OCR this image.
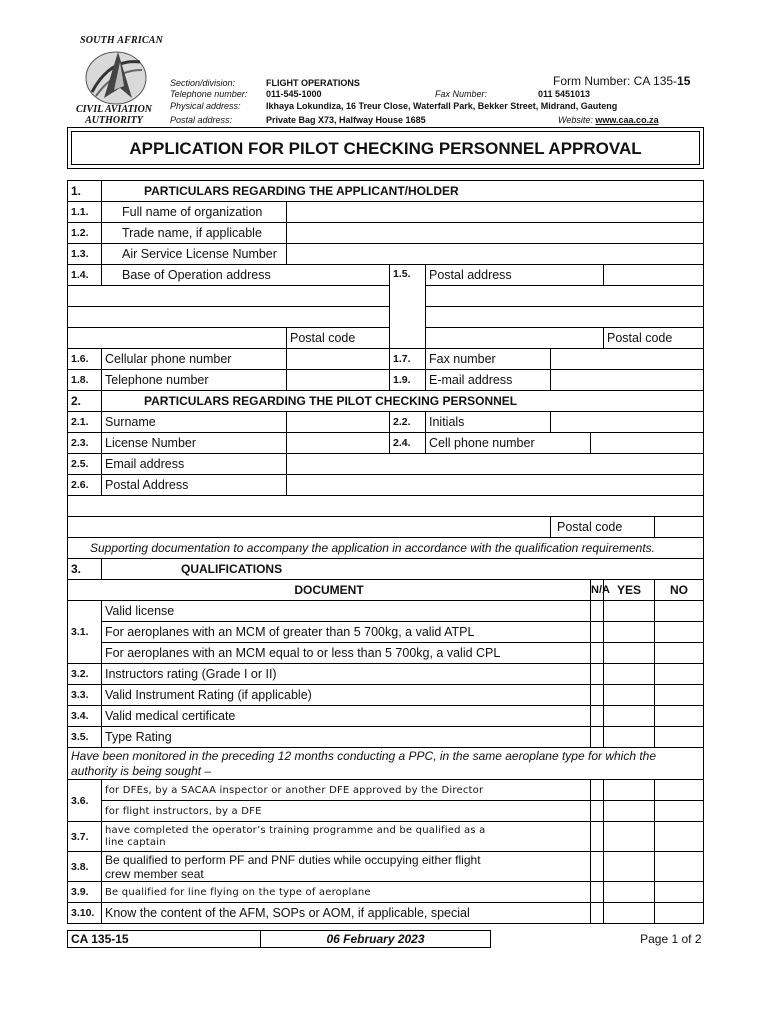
SOUTH AFRICAN
CIVIL AVIATION
AUTHORITY
Section/division:	FLIGHT OPERATIONS	Form Number: CA 135-15
Telephone number: 011-545-1000	Fax Number:	011 5451013
Physical address:	Ikhaya Lokundiza, 16 Treur Close, Waterfall Park, Bekker Street, Midrand, Gauteng
Postal address:	Private Bag X73, Halfway House 1685	Website: www.caa.co.za
APPLICATION FOR PILOT CHECKING PERSONNEL APPROVAL
1.	PARTICULARS REGARDING THE APPLICANT/HOLDER							
1.1.	Full name of organization							
1.2.	Trade name, if applicable							
1.3.	Air Service License Number							
1.4.	Base of Operation address		1.5.	Postal address				

		Postal code					Postal code	
1.6.	Cellular phone number		1.7.	Fax number				
1.8.	Telephone number		1.9.	E-mail address				
2.	PARTICULARS REGARDING THE PILOT CHECKING PERSONNEL							
2.1.	Surname		2.2.	Initials				
2.3.	License Number		2.4.	Cell phone number				
2.5.	Email address							
2.6.	Postal Address							

					Postal code			
Supporting documentation to accompany the application in accordance with the qualification requirements.								
3.	QUALIFICATIONS							
DOCUMENT						N/A	YES	NO
3.1.	Valid license							
	For aeroplanes with an MCM of greater than 5 700kg, a valid ATPL							
	For aeroplanes with an MCM equal to or less than 5 700kg, a valid CPL							
3.2.	Instructors rating (Grade I or II)							
3.3.	Valid Instrument Rating (if applicable)							
3.4.	Valid medical certificate							
3.5.	Type Rating							
Have been monitored in the preceding 12 months conducting a PPC, in the same aeroplane type for which the authority is being sought –								
3.6.	for DFEs, by a SACAA inspector or another DFE approved by the Director							
	for flight instructors, by a DFE							
3.7.	have completed the operator’s training programme and be qualified as a
line captain							

3.8.	Be qualified to perform PF and PNF duties while occupying either flight
crew member seat							

3.9.	Be qualified for line flying on the type of aeroplane							
3.10.	Know the content of the AFM, SOPs or AOM, if applicable, special							
CA 135-15	06 February 2023	Page 1 of 2
